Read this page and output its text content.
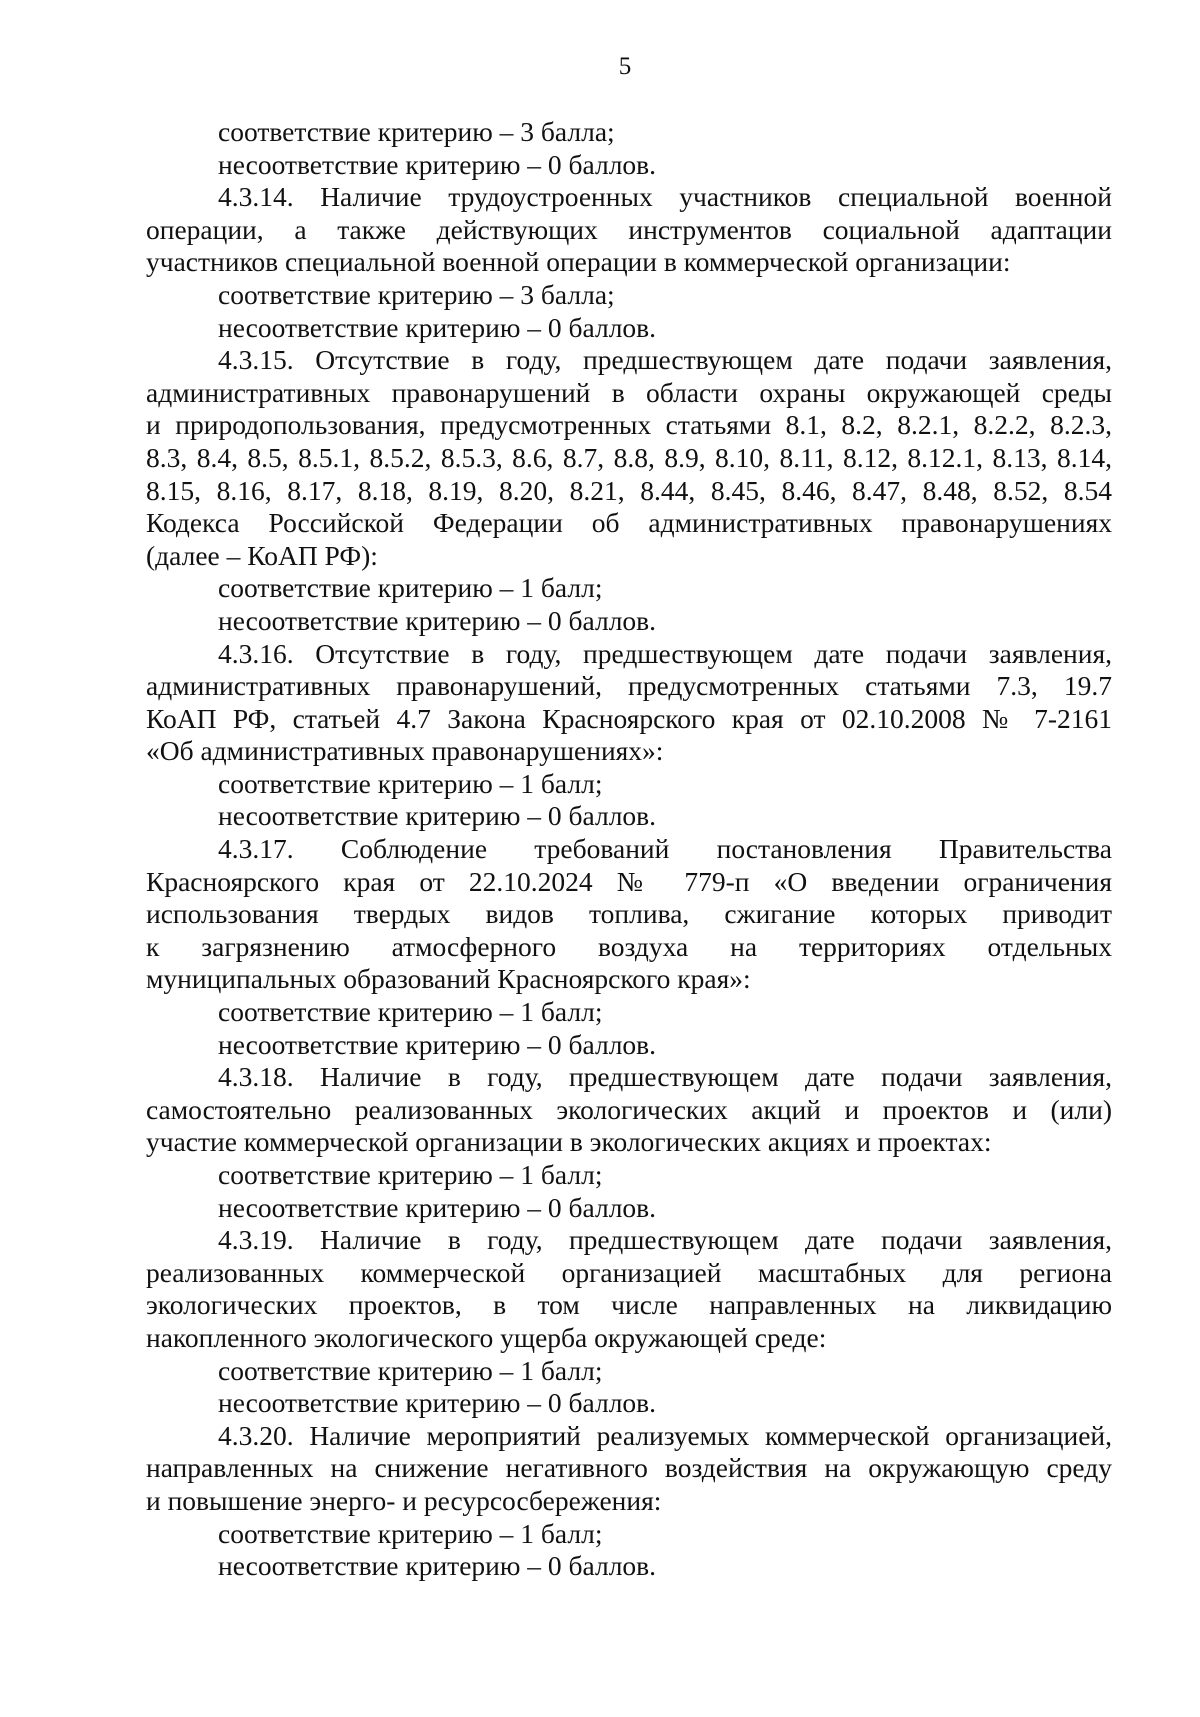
5
соответствие критерию – 3 балла;
несоответствие критерию – 0 баллов.
4.3.14. Наличие трудоустроенных участников специальной военной
операции, а также действующих инструментов социальной адаптации
участников специальной военной операции в коммерческой организации:
соответствие критерию – 3 балла;
несоответствие критерию – 0 баллов.
4.3.15. Отсутствие в году, предшествующем дате подачи заявления,
административных правонарушений в области охраны окружающей среды
и природопользования, предусмотренных статьями 8.1, 8.2, 8.2.1, 8.2.2, 8.2.3,
8.3, 8.4, 8.5, 8.5.1, 8.5.2, 8.5.3, 8.6, 8.7, 8.8, 8.9, 8.10, 8.11, 8.12, 8.12.1, 8.13, 8.14,
8.15, 8.16, 8.17, 8.18, 8.19, 8.20, 8.21, 8.44, 8.45, 8.46, 8.47, 8.48, 8.52, 8.54
Кодекса Российской Федерации об административных правонарушениях
(далее – КоАП РФ):
соответствие критерию – 1 балл;
несоответствие критерию – 0 баллов.
4.3.16. Отсутствие в году, предшествующем дате подачи заявления,
административных правонарушений, предусмотренных статьями 7.3, 19.7
КоАП РФ, статьей 4.7 Закона Красноярского края от 02.10.2008 № 7-2161
«Об административных правонарушениях»:
соответствие критерию – 1 балл;
несоответствие критерию – 0 баллов.
4.3.17. Соблюдение требований постановления Правительства
Красноярского края от 22.10.2024 № 779-п «О введении ограничения
использования твердых видов топлива, сжигание которых приводит
к загрязнению атмосферного воздуха на территориях отдельных
муниципальных образований Красноярского края»:
соответствие критерию – 1 балл;
несоответствие критерию – 0 баллов.
4.3.18. Наличие в году, предшествующем дате подачи заявления,
самостоятельно реализованных экологических акций и проектов и (или)
участие коммерческой организации в экологических акциях и проектах:
соответствие критерию – 1 балл;
несоответствие критерию – 0 баллов.
4.3.19. Наличие в году, предшествующем дате подачи заявления,
реализованных коммерческой организацией масштабных для региона
экологических проектов, в том числе направленных на ликвидацию
накопленного экологического ущерба окружающей среде:
соответствие критерию – 1 балл;
несоответствие критерию – 0 баллов.
4.3.20. Наличие мероприятий реализуемых коммерческой организацией,
направленных на снижение негативного воздействия на окружающую среду
и повышение энерго- и ресурсосбережения:
соответствие критерию – 1 балл;
несоответствие критерию – 0 баллов.
